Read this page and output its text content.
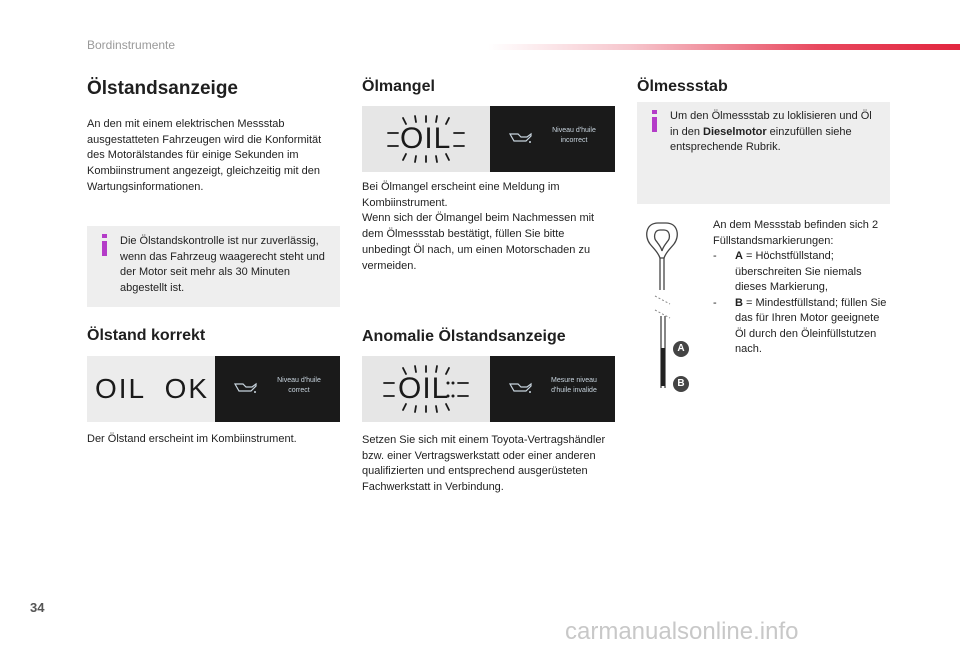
Bordinstrumente
Ölstandsanzeige

An den mit einem elektrischen Messstab ausgestatteten Fahrzeugen wird die Konformität des Motorälstandes für einige Sekunden im Kombiinstrument angezeigt, gleichzeitig mit den Wartungsinformationen.

Die Ölstandskontrolle ist nur zuverlässig, wenn das Fahrzeug waagerecht steht und der Motor seit mehr als 30 Minuten abgestellt ist.

Ölstand korrekt
OIL  OK	Niveau d'huile correct

Der Ölstand erscheint im Kombiinstrument.

Ölmangel
OIL	Niveau d'huile incorrect

Bei Ölmangel erscheint eine Meldung im Kombiinstrument.
Wenn sich der Ölmangel beim Nachmessen mit dem Ölmessstab bestätigt, füllen Sie bitte unbedingt Öl nach, um einen Motorschaden zu vermeiden.

Anomalie Ölstandsanzeige
OIL	Mesure niveau d'huile invalide

Setzen Sie sich mit einem Toyota-Vertragshändler bzw. einer Vertragswerkstatt oder einer anderen qualifizierten und entsprechend ausgerüsteten Fachwerkstatt in Verbindung.

Ölmessstab

Um den Ölmessstab zu loklisieren und Öl in den Dieselmotor einzufüllen siehe entsprechende Rubrik.

A
B

An dem Messstab befinden sich 2 Füllstandsmarkierungen:

- A = Höchstfüllstand; überschreiten Sie niemals dieses Markierung,
- B = Mindestfüllstand; füllen Sie das für Ihren Motor geeignete Öl durch den Öleinfüllstutzen nach.
34
carmanualsonline.info
